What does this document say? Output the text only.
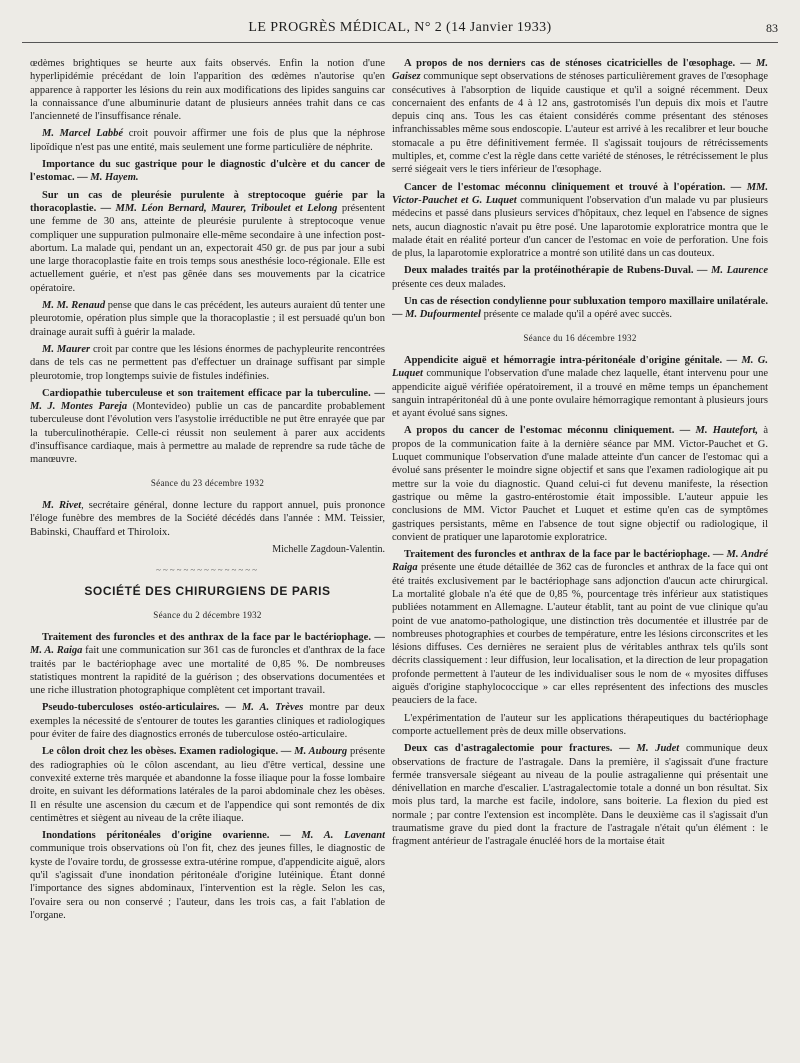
LE PROGRÈS MÉDICAL, N° 2 (14 Janvier 1933)	83

œdèmes brightiques se heurte aux faits observés. Enfin la notion d'une hyperlipidémie précédant de loin l'apparition des œdèmes n'autorise qu'en apparence à rapporter les lésions du rein aux modifications des lipides sanguins car la connaissance d'une albuminurie datant de plusieurs années trahit dans ce cas l'ancienneté de l'insuffisance rénale.

M. Marcel Labbé croit pouvoir affirmer une fois de plus que la néphrose lipoïdique n'est pas une entité, mais seulement une forme particulière de néphrite.

Importance du suc gastrique pour le diagnostic d'ulcère et du cancer de l'estomac. — M. Hayem.

Sur un cas de pleurésie purulente à streptocoque guérie par la thoracoplastie. — MM. Léon Bernard, Maurer, Triboulet et Lelong présentent une femme de 30 ans, atteinte de pleurésie purulente à streptocoque venue compliquer une suppuration pulmonaire elle-même secondaire à une infection post-abortum. La malade qui, pendant un an, expectorait 450 gr. de pus par jour a subi une large thoracoplastie faite en trois temps sous anesthésie loco-régionale. Elle est actuellement guérie, et n'est pas gênée dans ses mouvements par la cicatrice opératoire.

M. M. Renaud pense que dans le cas précédent, les auteurs auraient dû tenter une pleurotomie, opération plus simple que la thoracoplastie ; il est persuadé qu'un bon drainage aurait suffi à guérir la malade.

M. Maurer croit par contre que les lésions énormes de pachypleurite rencontrées dans de tels cas ne permettent pas d'effectuer un drainage suffisant par simple pleurotomie, trop longtemps suivie de fistules indéfinies.

Cardiopathie tuberculeuse et son traitement efficace par la tuberculine. — M. J. Montes Pareja (Montevideo) publie un cas de pancardite probablement tuberculeuse dont l'évolution vers l'asystolie irréductible ne put être enrayée que par la tuberculinothérapie. Celle-ci réussit non seulement à parer aux accidents d'insuffisance cardiaque, mais à permettre au malade de reprendre sa rude tâche de manœuvre.

Séance du 23 décembre 1932

M. Rivet, secrétaire général, donne lecture du rapport annuel, puis prononce l'éloge funèbre des membres de la Société décédés dans l'année : MM. Teissier, Babinski, Chauffard et Thiroloix.

Michelle Zagdoun-Valentin.
~~~~~~~~~~~~~~~
SOCIÉTÉ DES CHIRURGIENS DE PARIS
Séance du 2 décembre 1932

Traitement des furoncles et des anthrax de la face par le bactériophage. — M. A. Raiga fait une communication sur 361 cas de furoncles et d'anthrax de la face traités par le bactériophage avec une mortalité de 0,85 %. De nombreuses statistiques montrent la rapidité de la guérison ; des observations documentées et une riche illustration photographique complètent cet important travail.

Pseudo-tuberculoses ostéo-articulaires. — M. A. Trèves montre par deux exemples la nécessité de s'entourer de toutes les garanties cliniques et radiologiques pour éviter de faire des diagnostics erronés de tuberculose ostéo-articulaire.

Le côlon droit chez les obèses. Examen radiologique. — M. Aubourg présente des radiographies où le côlon ascendant, au lieu d'être vertical, dessine une convexité externe très marquée et abandonne la fosse iliaque pour la fosse lombaire droite, en suivant les déformations latérales de la paroi abdominale chez les obèses. Il en résulte une ascension du cæcum et de l'appendice qui sont remontés de dix centimètres et siègent au niveau de la crête iliaque.

Inondations péritonéales d'origine ovarienne. — M. A. Lavenant communique trois observations où l'on fit, chez des jeunes filles, le diagnostic de kyste de l'ovaire tordu, de grossesse extra-utérine rompue, d'appendicite aiguë, alors qu'il s'agissait d'une inondation péritonéale d'origine lutéinique. Étant donné l'importance des signes abdominaux, l'intervention est la règle. Selon les cas, l'ovaire sera ou non conservé ; l'auteur, dans les trois cas, a fait l'ablation de l'organe.

A propos de nos derniers cas de sténoses cicatricielles de l'œsophage. — M. Gaisez communique sept observations de sténoses particulièrement graves de l'œsophage consécutives à l'absorption de liquide caustique et qu'il a soigné récemment. Deux concernaient des enfants de 4 à 12 ans, gastrotomisés l'un depuis dix mois et l'autre depuis cinq ans. Tous les cas étaient considérés comme présentant des sténoses infranchissables même sous endoscopie. L'auteur est arrivé à les recalibrer et leur bouche stomacale a pu être définitivement fermée. Il s'agissait toujours de rétrécissements multiples, et, comme c'est la règle dans cette variété de sténoses, le rétrécissement le plus serré siégeait vers le tiers inférieur de l'œsophage.

Cancer de l'estomac méconnu cliniquement et trouvé à l'opération. — MM. Victor-Pauchet et G. Luquet communiquent l'observation d'un malade vu par plusieurs médecins et passé dans plusieurs services d'hôpitaux, chez lequel en l'absence de signes nets, aucun diagnostic n'avait pu être posé. Une laparotomie exploratrice montra que le malade était en réalité porteur d'un cancer de l'estomac en voie de perforation. Une fois de plus, la laparotomie exploratrice a montré son utilité dans un cas douteux.

Deux malades traités par la protéinothérapie de Rubens-Duval. — M. Laurence présente ces deux malades.

Un cas de résection condylienne pour subluxation temporo maxillaire unilatérale. — M. Dufourmentel présente ce malade qu'il a opéré avec succès.

Séance du 16 décembre 1932

Appendicite aiguë et hémorragie intra-péritonéale d'origine génitale. — M. G. Luquet communique l'observation d'une malade chez laquelle, étant intervenu pour une appendicite aiguë vérifiée opératoirement, il a trouvé en même temps un épanchement sanguin intrapéritonéal dû à une ponte ovulaire hémorragique remontant à plusieurs jours et ayant évolué sans signes.

A propos du cancer de l'estomac méconnu cliniquement. — M. Hautefort, à propos de la communication faite à la dernière séance par MM. Victor-Pauchet et G. Luquet communique l'observation d'une malade atteinte d'un cancer de l'estomac qui a évolué sans présenter le moindre signe objectif et sans que l'examen radiologique ait pu mettre sur la voie du diagnostic. Quand celui-ci fut devenu manifeste, la résection gastrique ou même la gastro-entérostomie était impossible. L'auteur appuie les conclusions de MM. Victor Pauchet et Luquet et estime qu'en cas de symptômes gastriques persistants, même en l'absence de tout signe objectif ou radiologique, il convient de pratiquer une laparotomie exploratrice.

Traitement des furoncles et anthrax de la face par le bactériophage. — M. André Raiga présente une étude détaillée de 362 cas de furoncles et anthrax de la face qui ont été traités exclusivement par le bactériophage sans adjonction d'aucun acte chirurgical. La mortalité globale n'a été que de 0,85 %, pourcentage très inférieur aux statistiques publiées notamment en Allemagne. L'auteur établit, tant au point de vue clinique qu'au point de vue anatomo-pathologique, une distinction très documentée et illustrée par de nombreuses photographies et courbes de température, entre les lésions circonscrites et les lésions diffuses. Ces dernières ne seraient plus de véritables anthrax tels qu'ils sont décrits classiquement : leur diffusion, leur localisation, et la direction de leur propagation profonde permettent à l'auteur de les individualiser sous le nom de « myosites diffuses aiguës d'origine staphylococcique » car elles représentent des infections des muscles peauciers de la face.

L'expérimentation de l'auteur sur les applications thérapeutiques du bactériophage comporte actuellement près de deux mille observations.

Deux cas d'astragalectomie pour fractures. — M. Judet communique deux observations de fracture de l'astragale. Dans la première, il s'agissait d'une fracture fermée transversale siégeant au niveau de la poulie astragalienne qui présentait une dénivellation en marche d'escalier. L'astragalectomie totale a donné un bon résultat. Six mois plus tard, la marche est facile, indolore, sans boiterie. La flexion du pied est normale ; par contre l'extension est incomplète. Dans le deuxième cas il s'agissait d'un traumatisme grave du pied dont la fracture de l'astragale n'était qu'un élément : le fragment antérieur de l'astragale énucléé hors de la mortaise était
